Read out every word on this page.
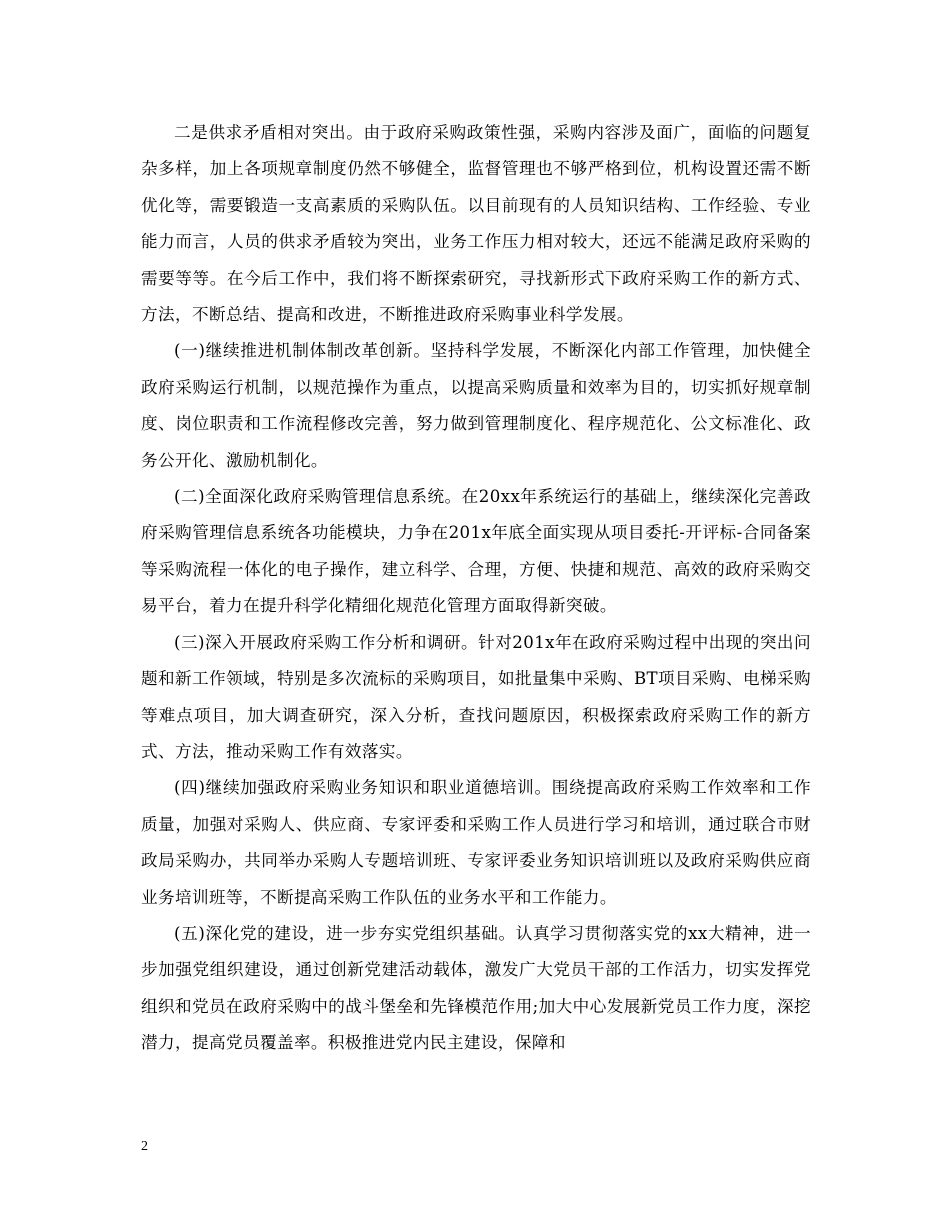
二是供求矛盾相对突出。由于政府采购政策性强，采购内容涉及面广，面临的问题复杂多样，加上各项规章制度仍然不够健全，监督管理也不够严格到位，机构设置还需不断优化等，需要锻造一支高素质的采购队伍。以目前现有的人员知识结构、工作经验、专业能力而言，人员的供求矛盾较为突出，业务工作压力相对较大，还远不能满足政府采购的需要等等。在今后工作中，我们将不断探索研究，寻找新形式下政府采购工作的新方式、方法，不断总结、提高和改进，不断推进政府采购事业科学发展。

(一)继续推进机制体制改革创新。坚持科学发展，不断深化内部工作管理，加快健全政府采购运行机制，以规范操作为重点，以提高采购质量和效率为目的，切实抓好规章制度、岗位职责和工作流程修改完善，努力做到管理制度化、程序规范化、公文标准化、政务公开化、激励机制化。

(二)全面深化政府采购管理信息系统。在20xx年系统运行的基础上，继续深化完善政府采购管理信息系统各功能模块，力争在201x年底全面实现从项目委托-开评标-合同备案等采购流程一体化的电子操作，建立科学、合理，方便、快捷和规范、高效的政府采购交易平台，着力在提升科学化精细化规范化管理方面取得新突破。

(三)深入开展政府采购工作分析和调研。针对201x年在政府采购过程中出现的突出问题和新工作领域，特别是多次流标的采购项目，如批量集中采购、BT项目采购、电梯采购等难点项目，加大调查研究，深入分析，查找问题原因，积极探索政府采购工作的新方式、方法，推动采购工作有效落实。

(四)继续加强政府采购业务知识和职业道德培训。围绕提高政府采购工作效率和工作质量，加强对采购人、供应商、专家评委和采购工作人员进行学习和培训，通过联合市财政局采购办，共同举办采购人专题培训班、专家评委业务知识培训班以及政府采购供应商业务培训班等，不断提高采购工作队伍的业务水平和工作能力。

(五)深化党的建设，进一步夯实党组织基础。认真学习贯彻落实党的xx大精神，进一步加强党组织建设，通过创新党建活动载体，激发广大党员干部的工作活力，切实发挥党组织和党员在政府采购中的战斗堡垒和先锋模范作用;加大中心发展新党员工作力度，深挖潜力，提高党员覆盖率。积极推进党内民主建设，保障和

2
